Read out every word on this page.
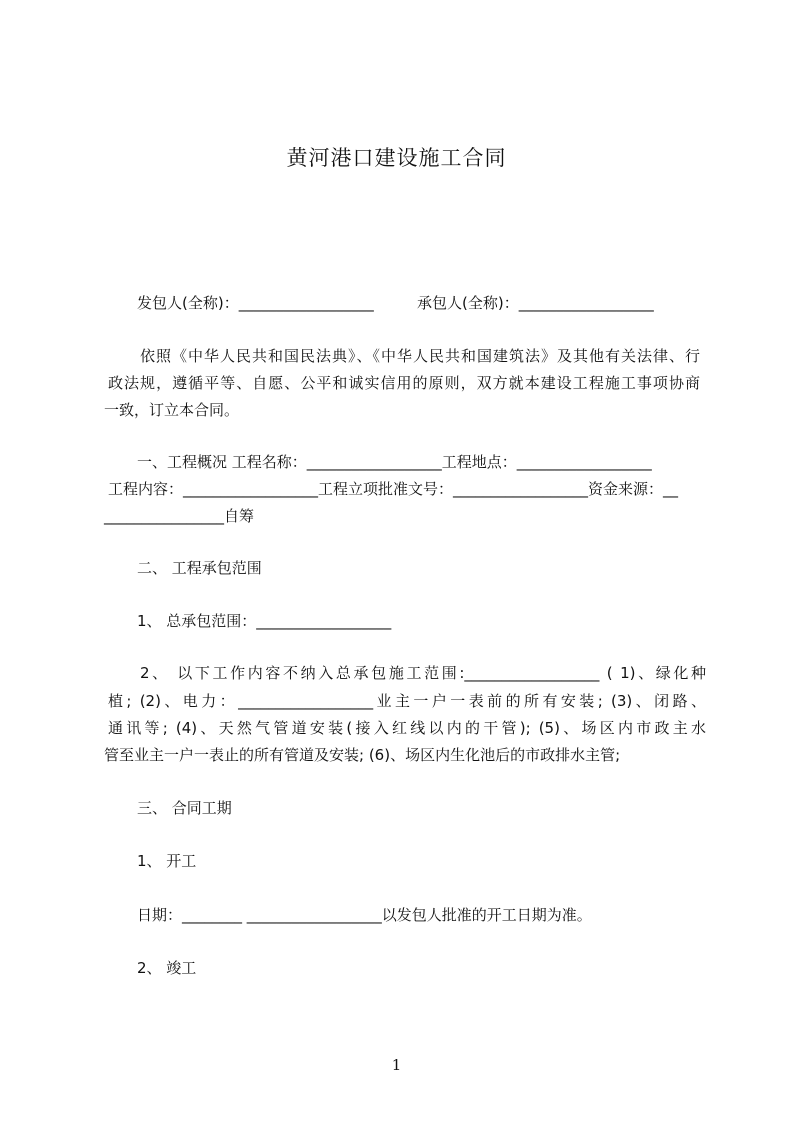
黄河港口建设施工合同
发包人(全称)：__________________	承包人(全称)：__________________
依照《中华人民共和国民法典》、《中华人民共和国建筑法》及其他有关法律、行
政法规，遵循平等、自愿、公平和诚实信用的原则，双方就本建设工程施工事项协商
一致，订立本合同。
一、工程概况 工程名称：__________________工程地点：__________________
工程内容：__________________工程立项批准文号：__________________资金来源：__
________________自筹
二、 工程承包范围
1、 总承包范围：__________________
2、 以下工作内容不纳入总承包施工范围:__________________ ( 1)、绿化种
植; (2)、电力：__________________业主一户一表前的所有安装; (3)、闭路、
通讯等; (4)、天然气管道安装(接入红线以内的干管); (5)、场区内市政主水
管至业主一户一表止的所有管道及安装; (6)、场区内生化池后的市政排水主管;
三、 合同工期
1、 开工
日期：________ __________________以发包人批准的开工日期为准。
2、 竣工
1
